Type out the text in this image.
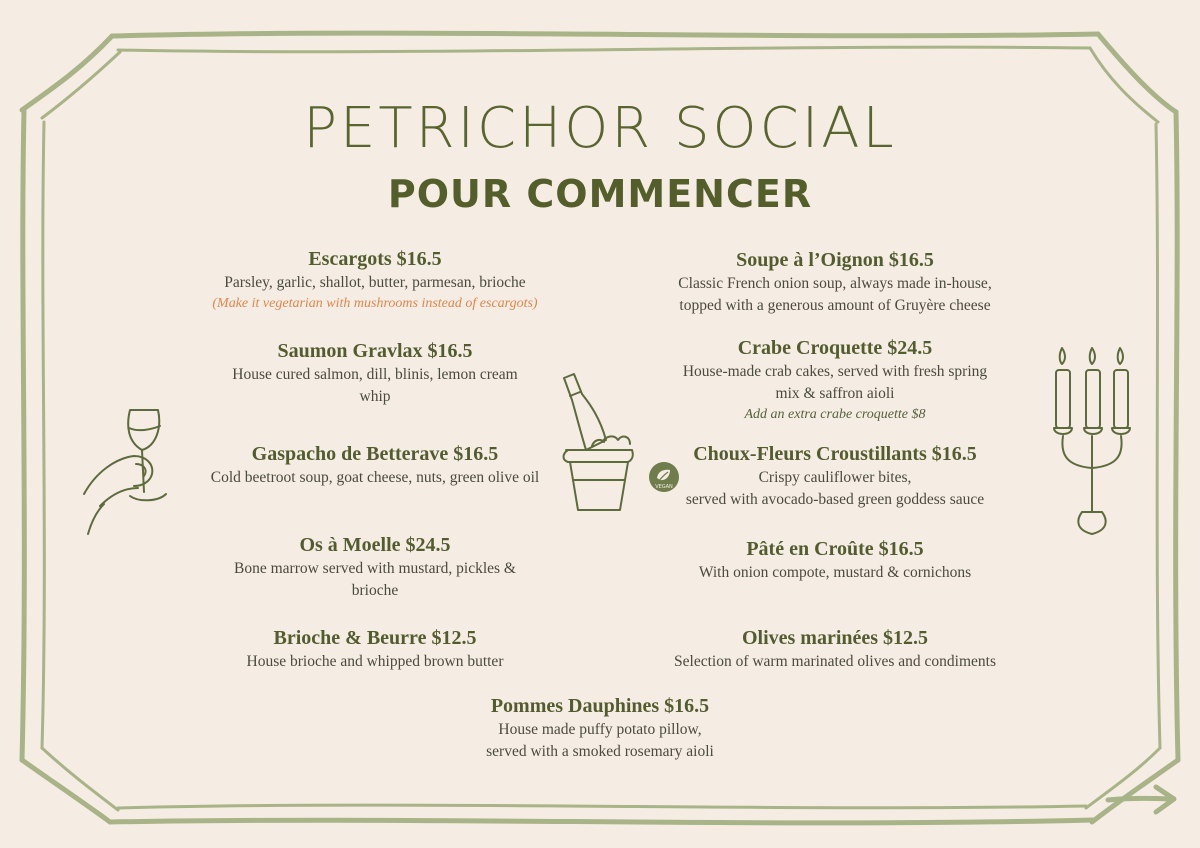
PETRICHOR SOCIAL
POUR COMMENCER
Escargots $16.5
Parsley, garlic, shallot, butter, parmesan, brioche
(Make it vegetarian with mushrooms instead of escargots)
Saumon Gravlax $16.5
House cured salmon, dill, blinis, lemon cream
whip
Gaspacho de Betterave $16.5
Cold beetroot soup, goat cheese, nuts, green olive oil
Os à Moelle $24.5
Bone marrow served with mustard, pickles &
brioche
Brioche & Beurre $12.5
House brioche and whipped brown butter
Soupe à l’Oignon $16.5
Classic French onion soup, always made in-house,
topped with a generous amount of Gruyère cheese
Crabe Croquette $24.5
House-made crab cakes, served with fresh spring
mix & saffron aioli
Add an extra crabe croquette $8
Choux-Fleurs Croustillants $16.5
Crispy cauliflower bites,
served with avocado-based green goddess sauce
Pâté en Croûte $16.5
With onion compote, mustard & cornichons
Olives marinées $12.5
Selection of warm marinated olives and condiments
Pommes Dauphines $16.5
House made puffy potato pillow,
served with a smoked rosemary aioli
VEGAN
